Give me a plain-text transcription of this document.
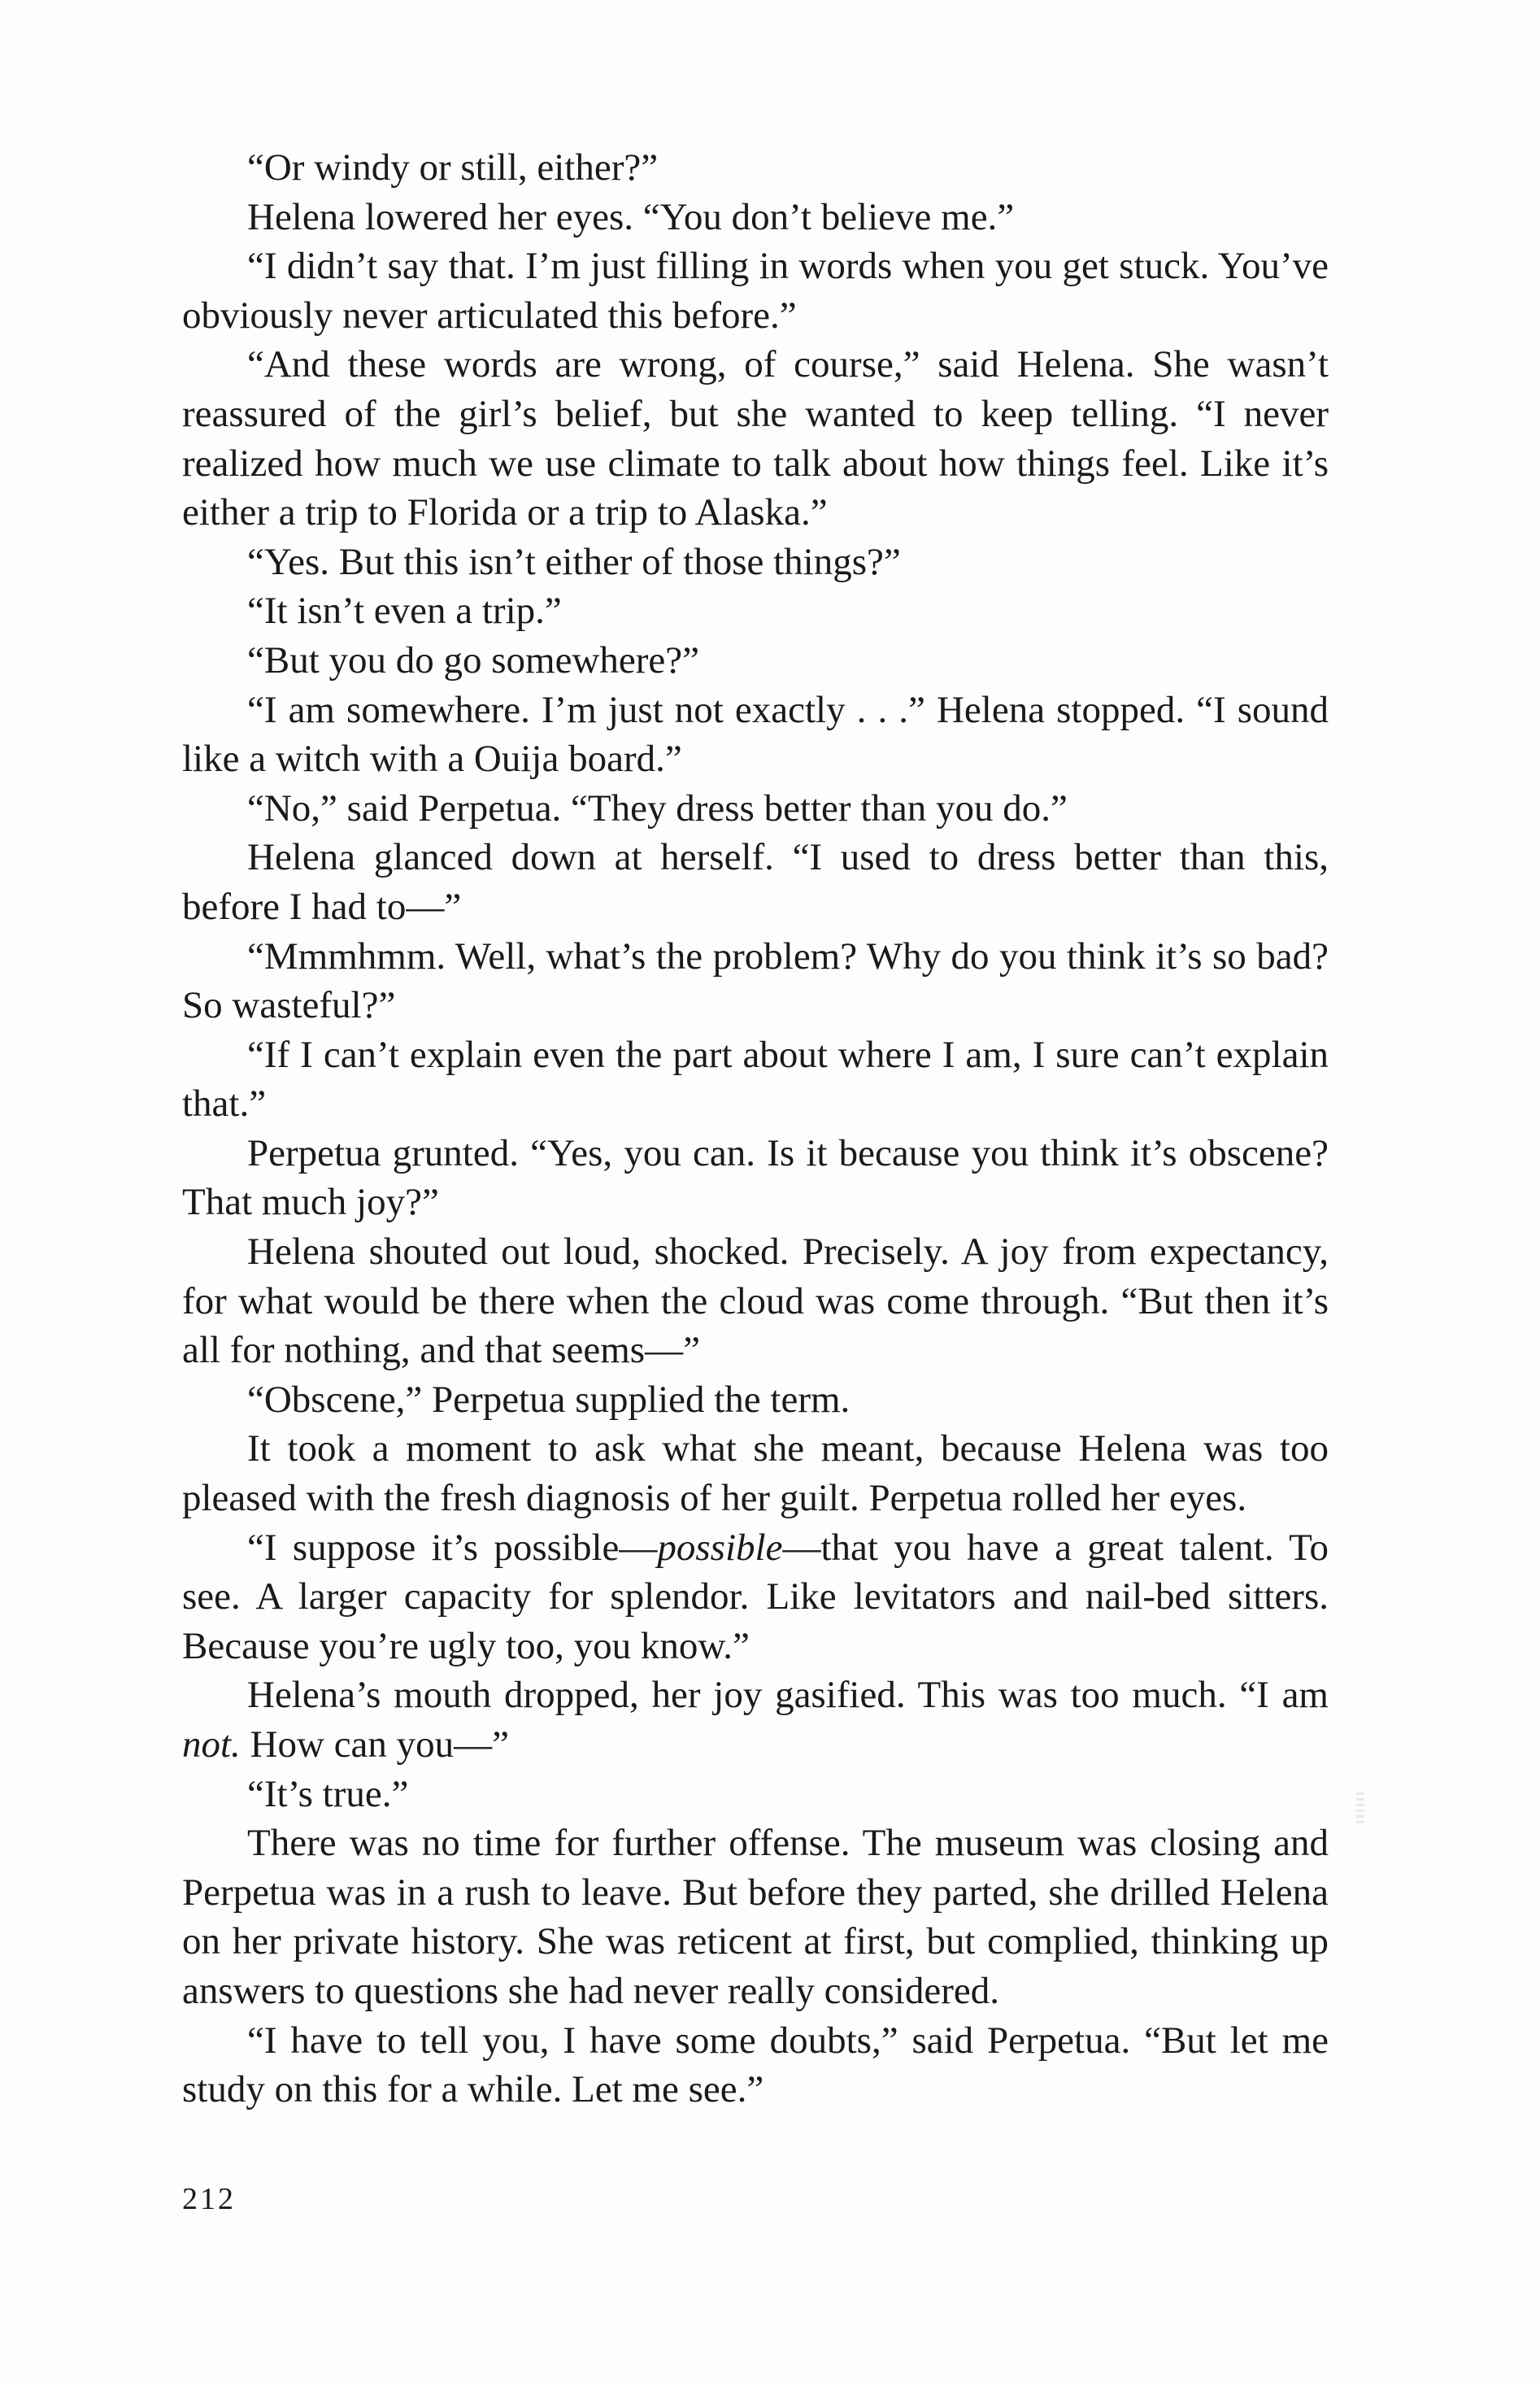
“Or windy or still, either?”

Helena lowered her eyes. “You don’t believe me.”

“I didn’t say that. I’m just filling in words when you get stuck. You’ve obviously never articulated this before.”

“And these words are wrong, of course,” said Helena. She wasn’t reassured of the girl’s belief, but she wanted to keep telling. “I never realized how much we use climate to talk about how things feel. Like it’s either a trip to Florida or a trip to Alaska.”

“Yes. But this isn’t either of those things?”

“It isn’t even a trip.”

“But you do go somewhere?”

“I am somewhere. I’m just not exactly . . .” Helena stopped. “I sound like a witch with a Ouija board.”

“No,” said Perpetua. “They dress better than you do.”

Helena glanced down at herself. “I used to dress better than this, before I had to—”

“Mmmhmm. Well, what’s the problem? Why do you think it’s so bad? So wasteful?”

“If I can’t explain even the part about where I am, I sure can’t explain that.”

Perpetua grunted. “Yes, you can. Is it because you think it’s obscene? That much joy?”

Helena shouted out loud, shocked. Precisely. A joy from expectancy, for what would be there when the cloud was come through. “But then it’s all for nothing, and that seems—”

“Obscene,” Perpetua supplied the term.

It took a moment to ask what she meant, because Helena was too pleased with the fresh diagnosis of her guilt. Perpetua rolled her eyes.

“I suppose it’s possible—possible—that you have a great talent. To see. A larger capacity for splendor. Like levitators and nail-bed sitters. Because you’re ugly too, you know.”

Helena’s mouth dropped, her joy gasified. This was too much. “I am not. How can you—”

“It’s true.”

There was no time for further offense. The museum was closing and Perpetua was in a rush to leave. But before they parted, she drilled Helena on her private history. She was reticent at first, but complied, thinking up answers to questions she had never really considered.

“I have to tell you, I have some doubts,” said Perpetua. “But let me study on this for a while. Let me see.”

212
